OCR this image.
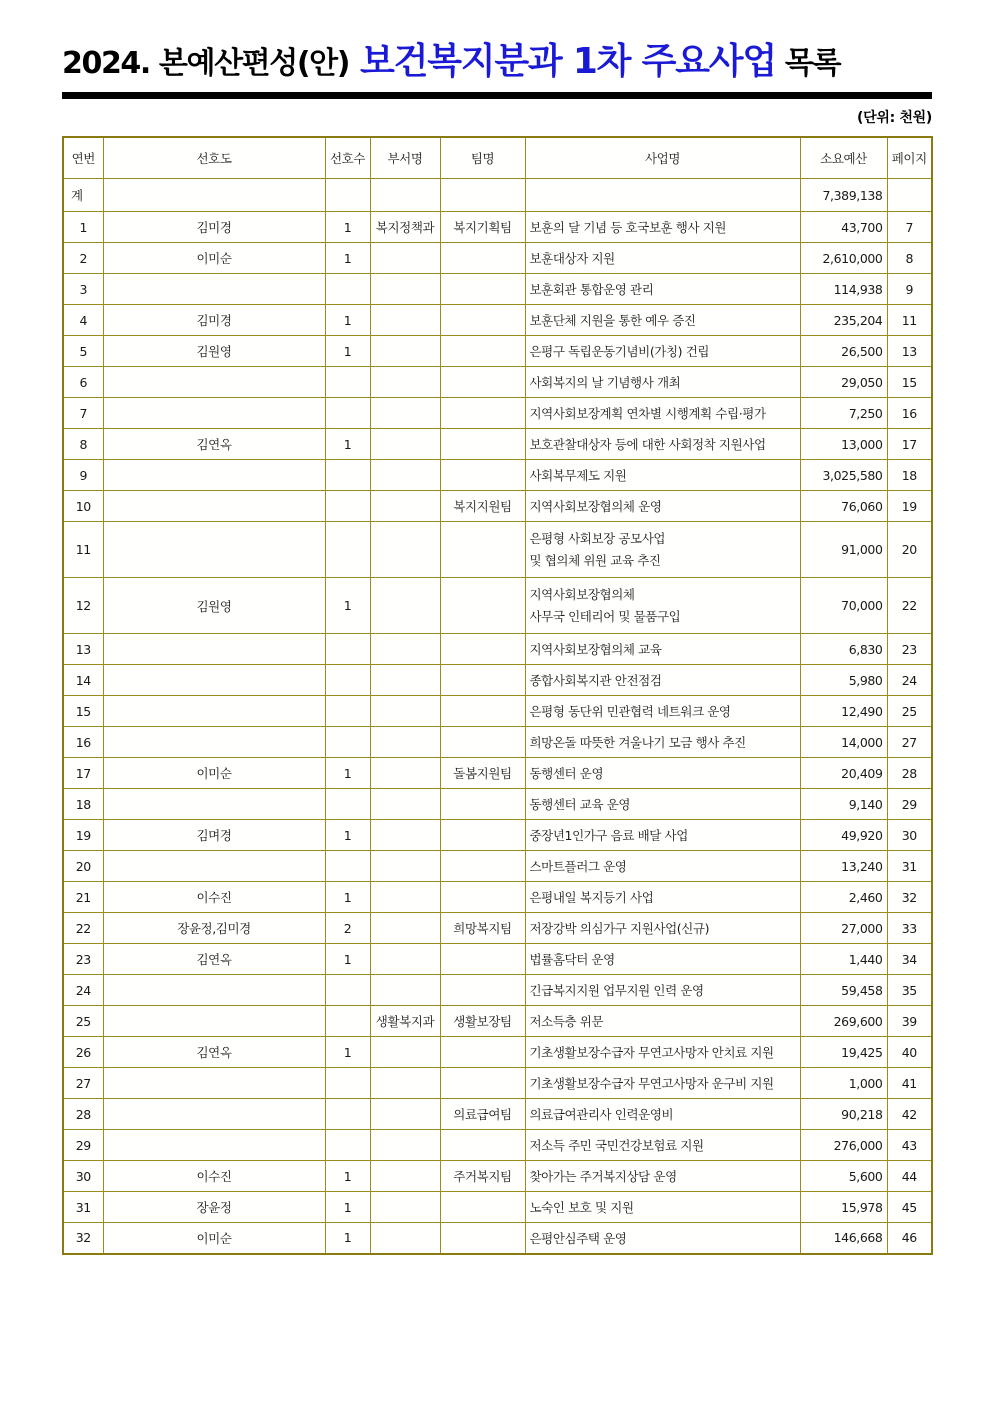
2024. 본예산편성(안) 보건복지분과 1차 주요사업 목록
(단위: 천원)
연번	선호도	선호수	부서명	팀명	사업명	소요예산	페이지
계						7,389,138	
1	김미경	1	복지정책과	복지기획팀	보훈의 달 기념 등 호국보훈 행사 지원	43,700	7
2	이미순	1			보훈대상자 지원	2,610,000	8
3					보훈회관 통합운영 관리	114,938	9
4	김미경	1			보훈단체 지원을 통한 예우 증진	235,204	11
5	김원영	1			은평구 독립운동기념비(가칭) 건립	26,500	13
6					사회복지의 날 기념행사 개최	29,050	15
7					지역사회보장계획 연차별 시행계획 수립·평가	7,250	16
8	김연옥	1			보호관찰대상자 등에 대한 사회정착 지원사업	13,000	17
9					사회복무제도 지원	3,025,580	18
10				복지지원팀	지역사회보장협의체 운영	76,060	19
11					은평형 사회보장 공모사업
및 협의체 위원 교육 추진	91,000	20
12	김원영	1			지역사회보장협의체
사무국 인테리어 및 물품구입	70,000	22
13					지역사회보장협의체 교육	6,830	23
14					종합사회복지관 안전점검	5,980	24
15					은평형 동단위 민관협력 네트워크 운영	12,490	25
16					희망온돌 따뜻한 겨울나기 모금 행사 추진	14,000	27
17	이미순	1		돌봄지원팀	동행센터 운영	20,409	28
18					동행센터 교육 운영	9,140	29
19	김며경	1			중장년1인가구 음료 배달 사업	49,920	30
20					스마트플러그 운영	13,240	31
21	이수진	1			은평내일 복지등기 사업	2,460	32
22	장윤정,김미경	2		희망복지팀	저장강박 의심가구 지원사업(신규)	27,000	33
23	김연옥	1			법률홈닥터 운영	1,440	34
24					긴급복지지원 업무지원 인력 운영	59,458	35
25			생활복지과	생활보장팀	저소득층 위문	269,600	39
26	김연옥	1			기초생활보장수급자 무연고사망자 안치료 지원	19,425	40
27					기초생활보장수급자 무연고사망자 운구비 지원	1,000	41
28				의료급여팀	의료급여관리사 인력운영비	90,218	42
29					저소득 주민 국민건강보험료 지원	276,000	43
30	이수진	1		주거복지팀	찾아가는 주거복지상담 운영	5,600	44
31	장윤정	1			노숙인 보호 및 지원	15,978	45
32	이미순	1			은평안심주택 운영	146,668	46
